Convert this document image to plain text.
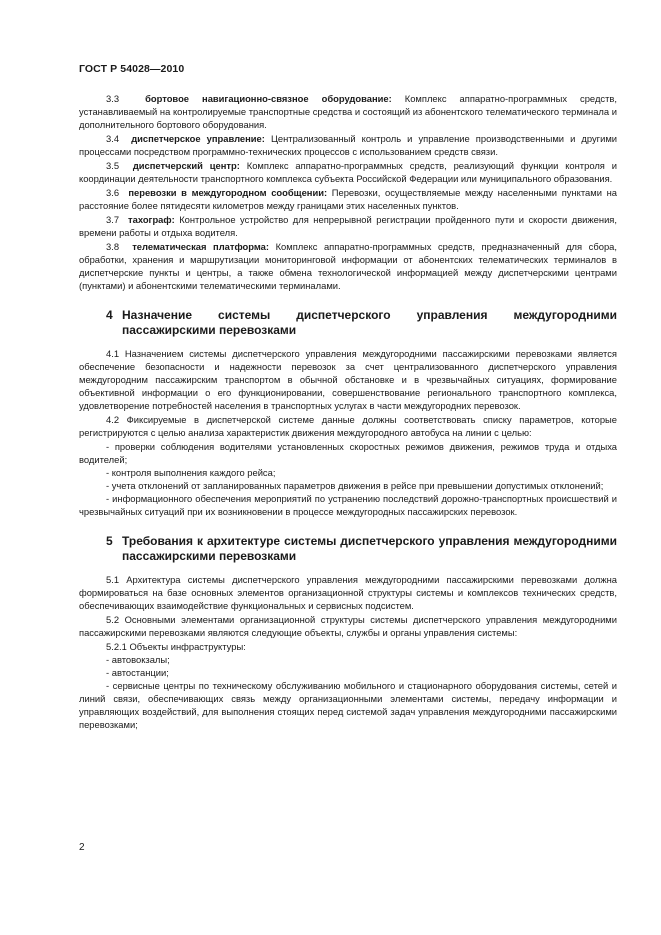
ГОСТ Р 54028—2010

3.3	бортовое навигационно-связное оборудование: Комплекс аппаратно-программных средств, устанавливаемый на контролируемые транспортные средства и состоящий из абонентского телематического терминала и дополнительного бортового оборудования.

3.4 диспетчерское управление: Централизованный контроль и управление производственными и другими процессами посредством программно-технических процессов с использованием средств связи.

3.5 диспетчерский центр: Комплекс аппаратно-программных средств, реализующий функции контроля и координации деятельности транспортного комплекса субъекта Российской Федерации или муниципального образования.

3.6 перевозки в междугородном сообщении: Перевозки, осуществляемые между населенными пунктами на расстояние более пятидесяти километров между границами этих населенных пунктов.

3.7 тахограф: Контрольное устройство для непрерывной регистрации пройденного пути и скорости движения, времени работы и отдыха водителя.

3.8 телематическая платформа: Комплекс аппаратно-программных средств, предназначенный для сбора, обработки, хранения и маршрутизации мониторинговой информации от абонентских телематических терминалов в диспетчерские пункты и центры, а также обмена технологической информацией между диспетчерскими центрами (пунктами) и абонентскими телематическими терминалами.

4 Назначение системы диспетчерского управления междугородними пассажирскими перевозками

4.1 Назначением системы диспетчерского управления междугородними пассажирскими перевозками является обеспечение безопасности и надежности перевозок за счет централизованного диспетчерского управления междугородним пассажирским транспортом в обычной обстановке и в чрезвычайных ситуациях, формирование объективной информации о его функционировании, совершенствование регионального транспортного комплекса, удовлетворение потребностей населения в транспортных услугах в части междугородних перевозок.

4.2 Фиксируемые в диспетчерской системе данные должны соответствовать списку параметров, которые регистрируются с целью анализа характеристик движения междугородного автобуса на линии с целью:

- проверки соблюдения водителями установленных скоростных режимов движения, режимов труда и отдыха водителей;

- контроля выполнения каждого рейса;

- учета отклонений от запланированных параметров движения в рейсе при превышении допустимых отклонений;

- информационного обеспечения мероприятий по устранению последствий дорожно-транспортных происшествий и чрезвычайных ситуаций при их возникновении в процессе междугородных пассажирских перевозок.

5 Требования к архитектуре системы диспетчерского управления междугородними пассажирскими перевозками

5.1 Архитектура системы диспетчерского управления междугородними пассажирскими перевозками должна формироваться на базе основных элементов организационной структуры системы и комплексов технических средств, обеспечивающих взаимодействие функциональных и сервисных подсистем.

5.2 Основными элементами организационной структуры системы диспетчерского управления междугородними пассажирскими перевозками являются следующие объекты, службы и органы управления системы:

5.2.1 Объекты инфраструктуры:

- автовокзалы;

- автостанции;

- сервисные центры по техническому обслуживанию мобильного и стационарного оборудования системы, сетей и линий связи, обеспечивающих связь между организационными элементами системы, передачу информации и управляющих воздействий, для выполнения стоящих перед системой задач управления междугородними пассажирскими перевозками;

2
